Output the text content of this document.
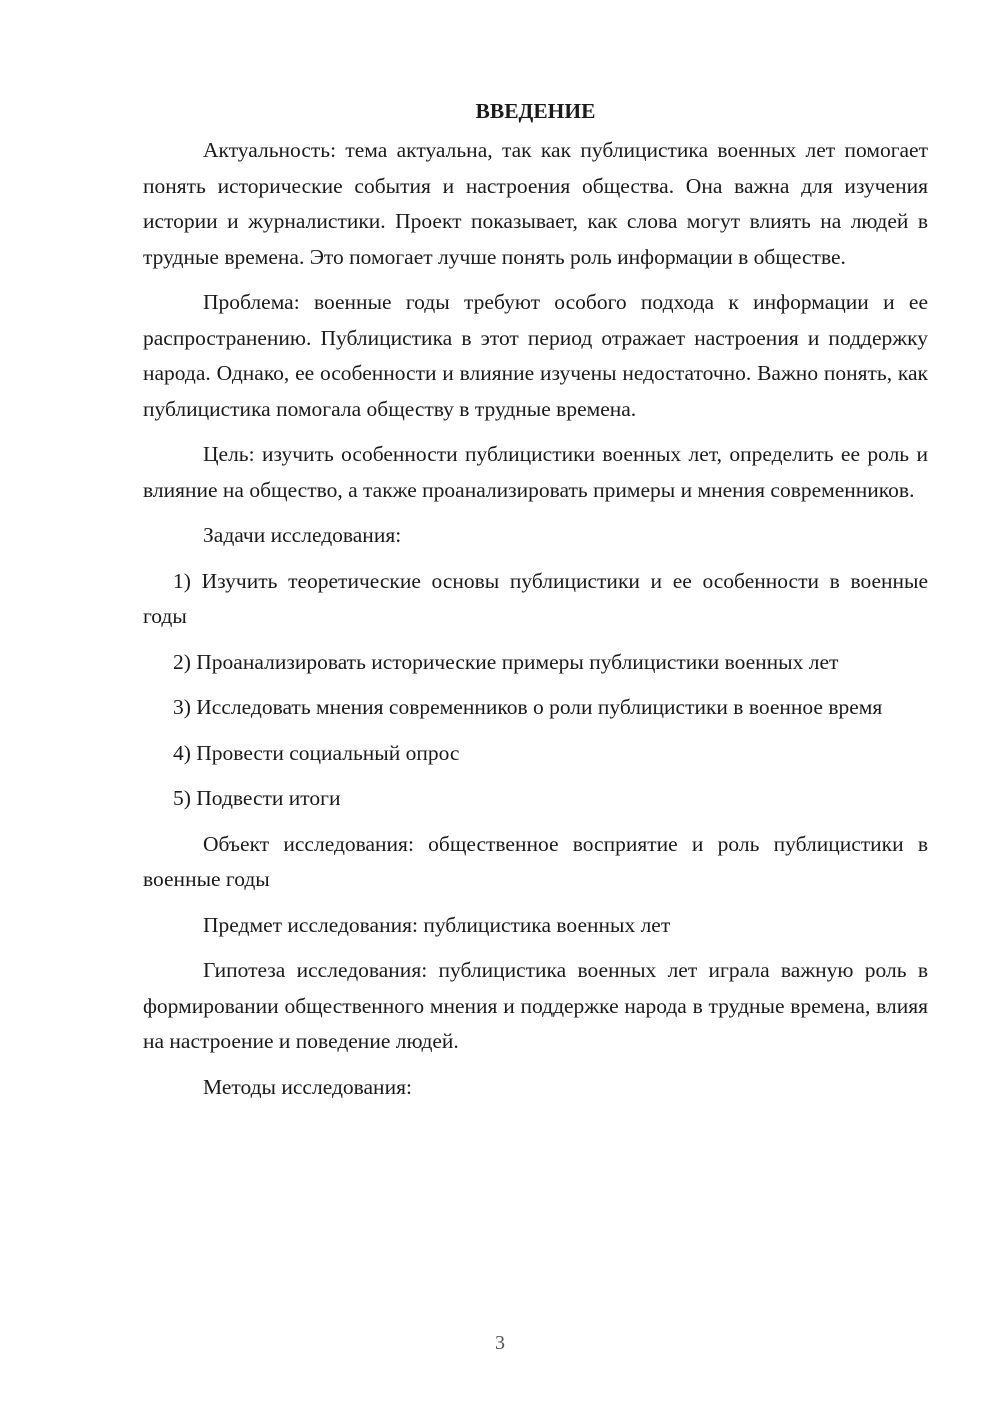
ВВЕДЕНИЕ

Актуальность: тема актуальна, так как публицистика военных лет помогает понять исторические события и настроения общества. Она важна для изучения истории и журналистики. Проект показывает, как слова могут влиять на людей в трудные времена. Это помогает лучше понять роль информации в обществе.

Проблема: военные годы требуют особого подхода к информации и ее распространению. Публицистика в этот период отражает настроения и поддержку народа. Однако, ее особенности и влияние изучены недостаточно. Важно понять, как публицистика помогала обществу в трудные времена.

Цель: изучить особенности публицистики военных лет, определить ее роль и влияние на общество, а также проанализировать примеры и мнения современников.

Задачи исследования:

1) Изучить теоретические основы публицистики и ее особенности в военные годы

2) Проанализировать исторические примеры публицистики военных лет

3) Исследовать мнения современников о роли публицистики в военное время

4) Провести социальный опрос

5) Подвести итоги

Объект исследования: общественное восприятие и роль публицистики в военные годы

Предмет исследования: публицистика военных лет

Гипотеза исследования: публицистика военных лет играла важную роль в формировании общественного мнения и поддержке народа в трудные времена, влияя на настроение и поведение людей.

Методы исследования:

3
